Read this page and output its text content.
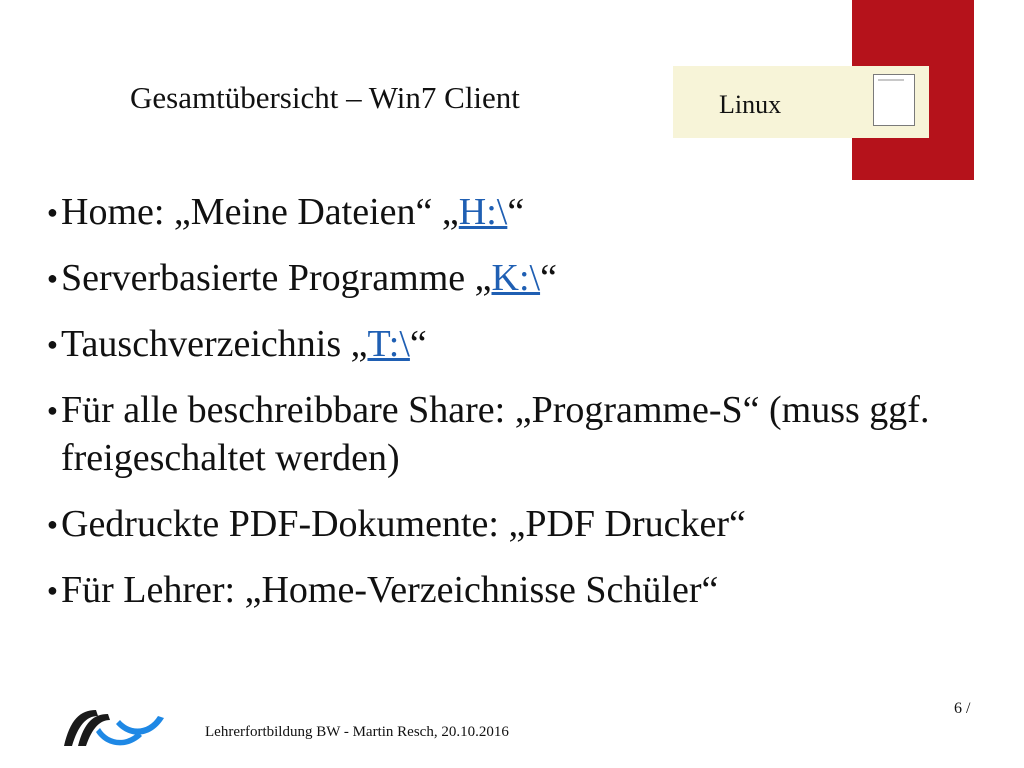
Linux
Gesamtübersicht – Win7 Client
● Home: „Meine Dateien“ „H:\“
● Serverbasierte Programme „K:\“
● Tauschverzeichnis „T:\“
● Für alle beschreibbare Share: „Programme-S“ (muss ggf. freigeschaltet werden)
● Gedruckte PDF-Dokumente: „PDF Drucker“
● Für Lehrer: „Home-Verzeichnisse Schüler“
Lehrerfortbildung BW - Martin Resch, 20.10.2016
6 /
